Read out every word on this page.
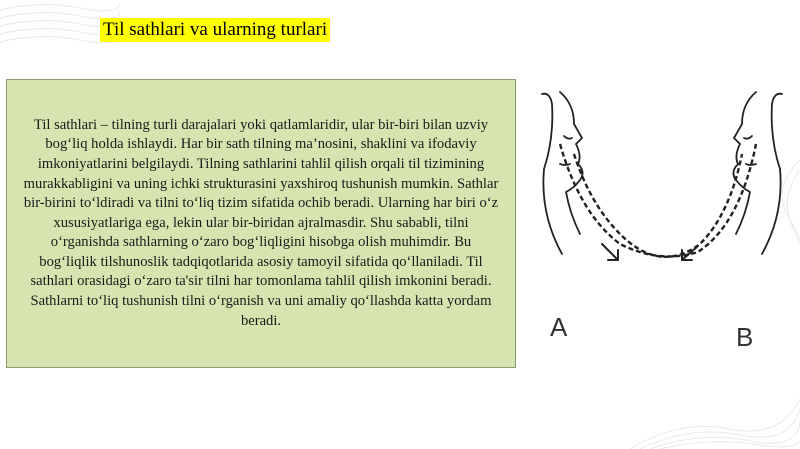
Til sathlari va ularning turlari

Til sathlari – tilning turli darajalari yoki qatlamlaridir, ular bir-biri bilan uzviy bog‘liq holda ishlaydi. Har bir sath tilning ma’nosini, shaklini va ifodaviy imkoniyatlarini belgilaydi. Tilning sathlarini tahlil qilish orqali til tizimining murakkabligini va uning ichki strukturasini yaxshiroq tushunish mumkin. Sathlar bir-birini to‘ldiradi va tilni to‘liq tizim sifatida ochib beradi. Ularning har biri o‘z xususiyatlariga ega, lekin ular bir-biridan ajralmasdir. Shu sababli, tilni o‘rganishda sathlarning o‘zaro bog‘liqligini hisobga olish muhimdir. Bu bog‘liqlik tilshunoslik tadqiqotlarida asosiy tamoyil sifatida qo‘llaniladi. Til sathlari orasidagi o‘zaro ta'sir tilni har tomonlama tahlil qilish imkonini beradi. Sathlarni to‘liq tushunish tilni o‘rganish va uni amaliy qo‘llashda katta yordam beradi.	A	B
